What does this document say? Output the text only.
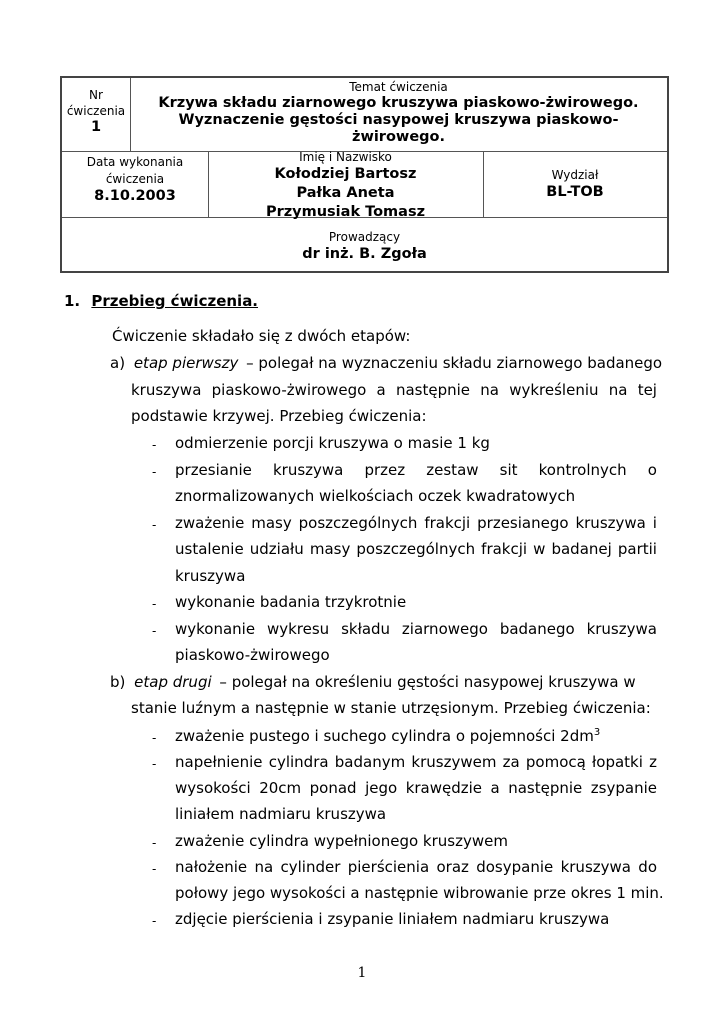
Nr
ćwiczenia
1
Temat ćwiczenia
Krzywa składu ziarnowego kruszywa piaskowo-żwirowego.
Wyznaczenie gęstości nasypowej kruszywa piaskowo-
żwirowego.
Data wykonania
ćwiczenia
8.10.2003
Imię i Nazwisko
Kołodziej Bartosz
Pałka Aneta
Przymusiak Tomasz
Wydział
BL-TOB
Prowadzący
dr inż. B. Zgoła
1. Przebieg ćwiczenia.
Ćwiczenie składało się z dwóch etapów:
a) etap pierwszy – polegał na wyznaczeniu składu ziarnowego badanego
kruszywa piaskowo-żwirowego a następnie na wykreśleniu na tej
podstawie krzywej. Przebieg ćwiczenia:
- odmierzenie porcji kruszywa o masie 1 kg
- przesianie kruszywa przez zestaw sit kontrolnych o
znormalizowanych wielkościach oczek kwadratowych
- zważenie masy poszczególnych frakcji przesianego kruszywa i
ustalenie udziału masy poszczególnych frakcji w badanej partii
kruszywa
- wykonanie badania trzykrotnie
- wykonanie wykresu składu ziarnowego badanego kruszywa
piaskowo-żwirowego
b) etap drugi – polegał na określeniu gęstości nasypowej kruszywa w
stanie luźnym a następnie w stanie utrzęsionym. Przebieg ćwiczenia:
- zważenie pustego i suchego cylindra o pojemności $2dm^3$
- napełnienie cylindra badanym kruszywem za pomocą łopatki z
wysokości 20cm ponad jego krawędzie a następnie zsypanie
liniałem nadmiaru kruszywa
- zważenie cylindra wypełnionego kruszywem
- nałożenie na cylinder pierścienia oraz dosypanie kruszywa do
połowy jego wysokości a następnie wibrowanie prze okres 1 min.
- zdjęcie pierścienia i zsypanie liniałem nadmiaru kruszywa
1
